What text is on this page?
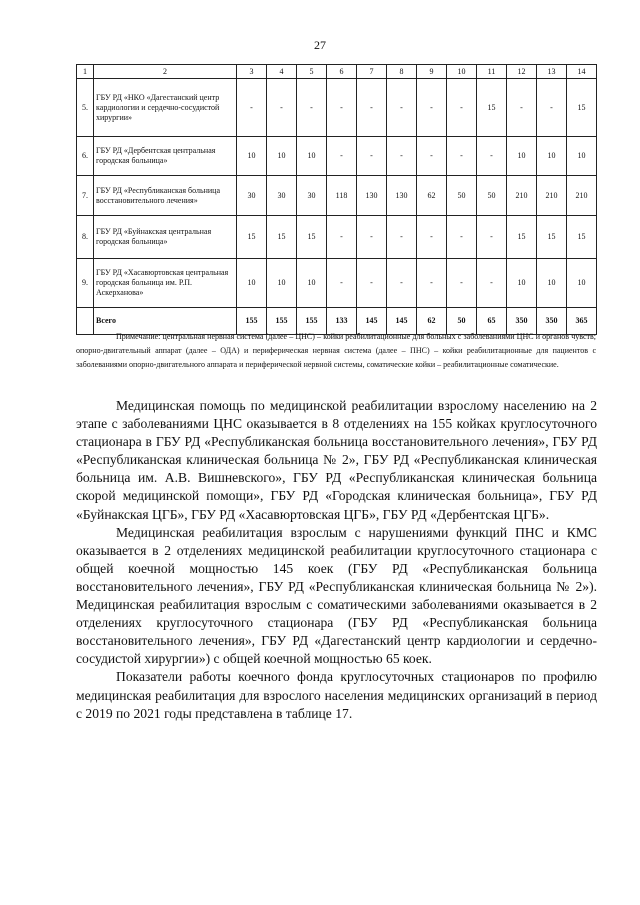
27
1	2	3	4	5	6	7	8	9	10	11	12	13	14
5.	ГБУ РД «НКО «Дагестанский центр кардиологии и сердечно-сосудистой хирургии»	-	-	-	-	-	-	-	-	15	-	-	15
6.	ГБУ РД «Дербентская центральная городская больница»	10	10	10	-	-	-	-	-	-	10	10	10
7.	ГБУ РД «Республиканская больница восстановительного лечения»	30	30	30	118	130	130	62	50	50	210	210	210
8.	ГБУ РД «Буйнакская центральная городская больница»	15	15	15	-	-	-	-	-	-	15	15	15
9.	ГБУ РД «Хасавюртовская центральная городская больница им. Р.П. Аскерханова»	10	10	10	-	-	-	-	-	-	10	10	10
	Всего	155	155	155	133	145	145	62	50	65	350	350	365
Примечание: центральная нервная система (далее – ЦНС) – койки реабилитационные для больных с заболеваниями ЦНС и органов чувств; опорно-двигательный аппарат (далее – ОДА) и периферическая нервная система (далее – ПНС) – койки реабилитационные для пациентов с заболеваниями опорно-двигательного аппарата и периферической нервной системы, соматические койки – реабилитационные соматические.

Медицинская помощь по медицинской реабилитации взрослому населению на 2 этапе с заболеваниями ЦНС оказывается в 8 отделениях на 155 койках круглосуточного стационара в ГБУ РД «Республиканская больница восстановительного лечения», ГБУ РД «Республиканская клиническая больница № 2», ГБУ РД «Республиканская клиническая больница им. А.В. Вишневского», ГБУ РД «Республиканская клиническая больница скорой медицинской помощи», ГБУ РД «Городская клиническая больница», ГБУ РД «Буйнакская ЦГБ», ГБУ РД «Хасавюртовская ЦГБ», ГБУ РД «Дербентская ЦГБ».

Медицинская реабилитация взрослым с нарушениями функций ПНС и КМС оказывается в 2 отделениях медицинской реабилитации круглосуточного стационара с общей коечной мощностью 145 коек (ГБУ РД «Республиканская больница восстановительного лечения», ГБУ РД «Республиканская клиническая больница № 2»). Медицинская реабилитация взрослым с соматическими заболеваниями оказывается в 2 отделениях круглосуточного стационара (ГБУ РД «Республиканская больница восстановительного лечения», ГБУ РД «Дагестанский центр кардиологии и сердечно-сосудистой хирургии») с общей коечной мощностью 65 коек.

Показатели работы коечного фонда круглосуточных стационаров по профилю медицинская реабилитация для взрослого населения медицинских организаций в период с 2019 по 2021 годы представлена в таблице 17.
